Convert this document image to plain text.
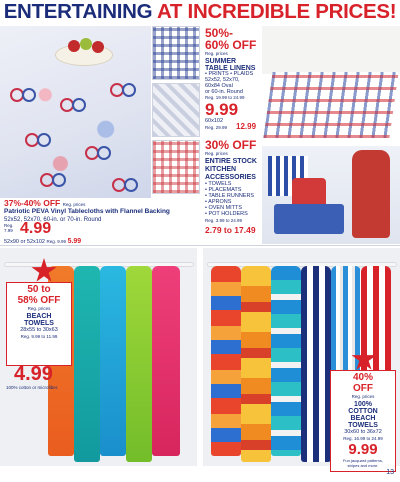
ENTERTAINING AT INCREDIBLE PRICES!
50%-
60% OFF
Reg. prices
SUMMER
TABLE LINENS
• PRINTS • PLAIDS
52x52, 52x70,
60x84 Oval
or 60-in. Round
Reg. 19.99 to 24.99
9.99
60x102
Reg. 29.99 12.99
37%-40% OFF Reg. prices
Patriotic PEVA Vinyl Tablecloths with Flannel Backing
52x52, 52x70, 60-in. or 70-in. Round
Reg.
7.99 4.99
52x90 or 52x102 Reg. 9.99 5.99
30% OFF
Reg. prices
ENTIRE STOCK
KITCHEN
ACCESSORIES
• TOWELS
• PLACEMATS
• TABLE RUNNERS
• APRONS
• OVEN MITTS
• POT HOLDERS
Reg. 3.99 to 24.99
2.79 to 17.49
50 to
58% OFF
Reg. prices
BEACH
TOWELS
28x55 to 30x63
Reg. 9.99 to 11.99
4.99
100% cotton or microfiber.
40%
OFF
Reg. prices
100%
COTTON
BEACH
TOWELS
30x60 to 36x72
Reg. 16.99 to 24.99
9.99
Fun jacquard patterns,
stripes and more.
13
